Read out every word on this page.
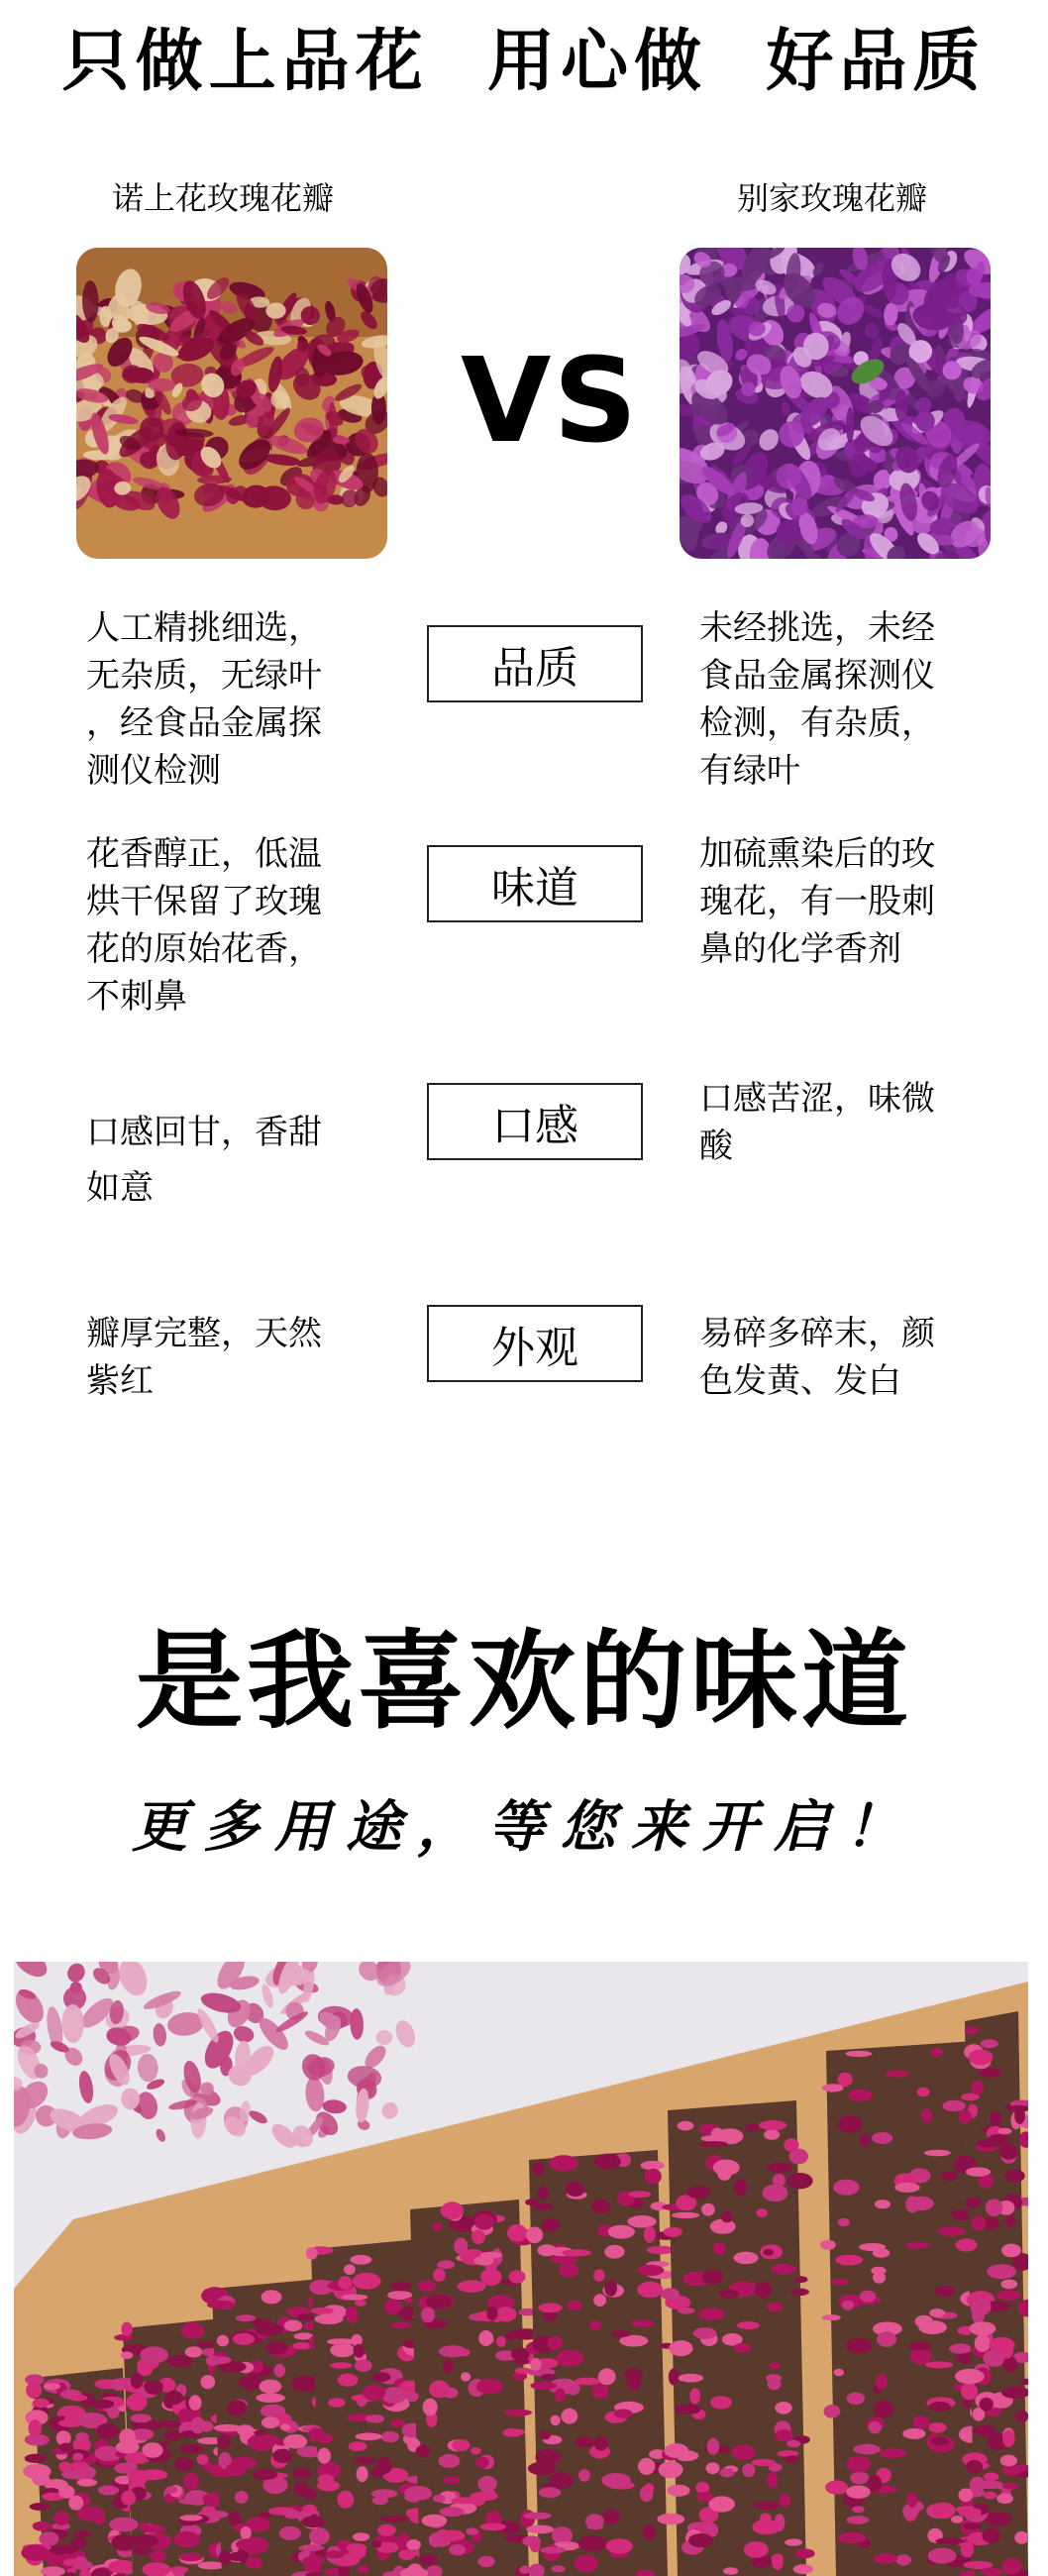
只做上品花  用心做  好品质
诺上花玫瑰花瓣	别家玫瑰花瓣
VS
人工精挑细选，
无杂质，无绿叶
，经食品金属探
测仪检测
品质
未经挑选，未经
食品金属探测仪
检测，有杂质，
有绿叶
花香醇正，低温
烘干保留了玫瑰
花的原始花香，
不刺鼻
味道
加硫熏染后的玫
瑰花，有一股刺
鼻的化学香剂
口感回甘，香甜
如意
口感
口感苦涩，味微
酸
瓣厚完整，天然
紫红
外观	易碎多碎末，颜
色发黄、发白
是我喜欢的味道
更多用途，等您来开启！
